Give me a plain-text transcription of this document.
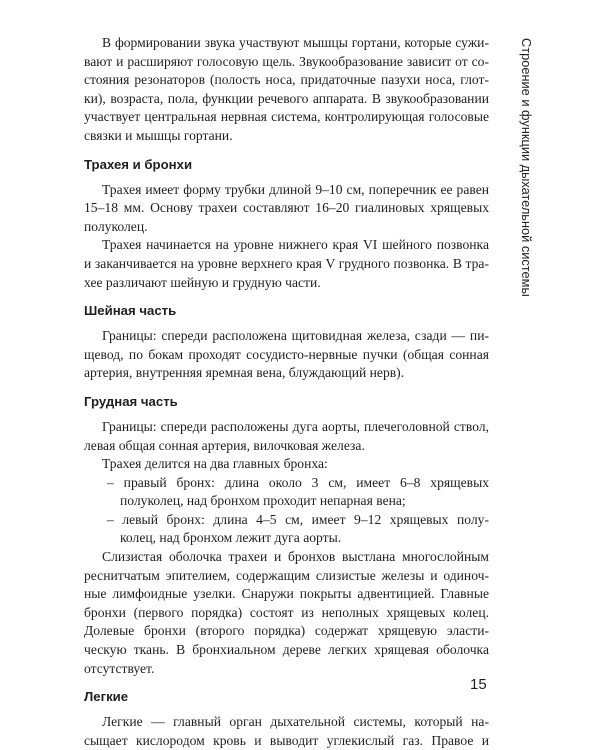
Строение и функции дыхательной системы
В формировании звука участвуют мышцы гортани, которые сужи-
вают и расширяют голосовую щель. Звукообразование зависит от со-
стояния резонаторов (полость носа, придаточные пазухи носа, глот-
ки), возраста, пола, функции речевого аппарата. В звукообразовании
участвует центральная нервная система, контролирующая голосовые
связки и мышцы гортани.
Трахея и бронхи
Трахея имеет форму трубки длиной 9–10 см, поперечник ее равен
15–18 мм. Основу трахеи составляют 16–20 гиалиновых хрящевых
полуколец.
Трахея начинается на уровне нижнего края VI шейного позвонка
и заканчивается на уровне верхнего края V грудного позвонка. В тра-
хее различают шейную и грудную части.
Шейная часть
Границы: спереди расположена щитовидная железа, сзади — пи-
щевод, по бокам проходят сосудисто-нервные пучки (общая сонная
артерия, внутренняя яремная вена, блуждающий нерв).
Грудная часть
Границы: спереди расположены дуга аорты, плечеголовной ствол,
левая общая сонная артерия, вилочковая железа.
Трахея делится на два главных бронха:
– правый бронх: длина около 3 см, имеет 6–8 хрящевых
полуколец, над бронхом проходит непарная вена;
– левый бронх: длина 4–5 см, имеет 9–12 хрящевых полу-
колец, над бронхом лежит дуга аорты.
Слизистая оболочка трахеи и бронхов выстлана многослойным
реснитчатым эпителием, содержащим слизистые железы и одиноч-
ные лимфоидные узелки. Снаружи покрыты адвентицией. Главные
бронхи (первого порядка) состоят из неполных хрящевых колец.
Долевые бронхи (второго порядка) содержат хрящевую эласти-
ческую ткань. В бронхиальном дереве легких хрящевая оболочка
отсутствует.
Легкие
Легкие — главный орган дыхательной системы, который на-
сыщает кислородом кровь и выводит углекислый газ. Правое и
15
